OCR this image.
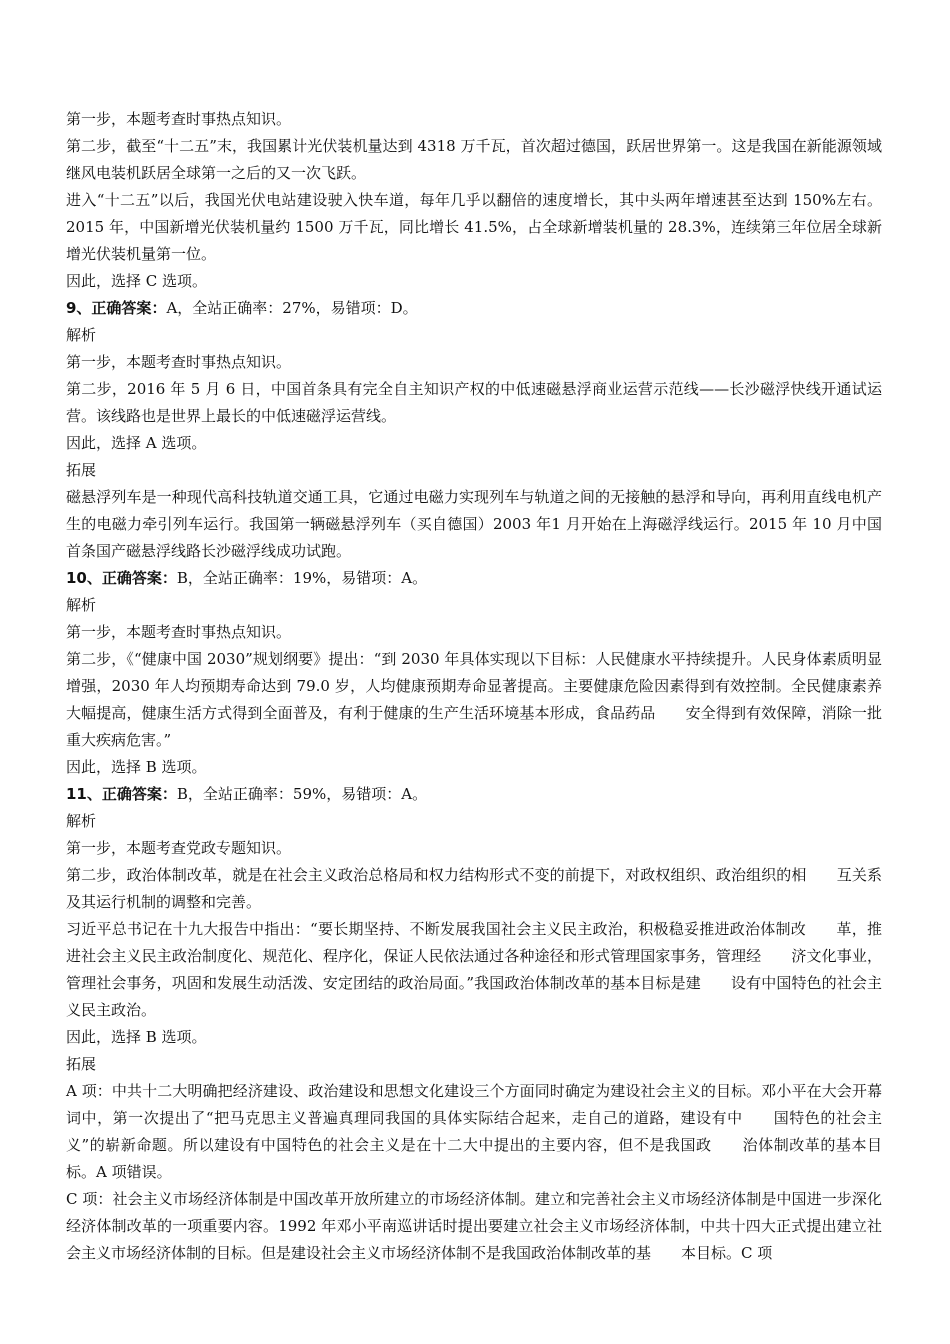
第一步，本题考查时事热点知识。

第二步，截至“十二五”末，我国累计光伏装机量达到 4318 万千瓦，首次超过德国，跃居世界第一。这是我国在新能源领域继风电装机跃居全球第一之后的又一次飞跃。

进入“十二五”以后，我国光伏电站建设驶入快车道，每年几乎以翻倍的速度增长，其中头两年增速甚至达到 150%左右。2015 年，中国新增光伏装机量约 1500 万千瓦，同比增长 41.5%，占全球新增装机量的 28.3%，连续第三年位居全球新增光伏装机量第一位。

因此，选择 C 选项。

9、正确答案：A，全站正确率：27%，易错项：D。

解析

第一步，本题考查时事热点知识。

第二步，2016 年 5 月 6 日，中国首条具有完全自主知识产权的中低速磁悬浮商业运营示范线——长沙磁浮快线开通试运营。该线路也是世界上最长的中低速磁浮运营线。

因此，选择 A 选项。

拓展

磁悬浮列车是一种现代高科技轨道交通工具，它通过电磁力实现列车与轨道之间的无接触的悬浮和导向，再利用直线电机产生的电磁力牵引列车运行。我国第一辆磁悬浮列车（买自德国）2003 年1 月开始在上海磁浮线运行。2015 年 10 月中国首条国产磁悬浮线路长沙磁浮线成功试跑。

10、正确答案：B，全站正确率：19%，易错项：A。

解析

第一步，本题考查时事热点知识。

第二步，《“健康中国 2030”规划纲要》提出：“到 2030 年具体实现以下目标：人民健康水平持续提升。人民身体素质明显增强，2030 年人均预期寿命达到 79.0 岁，人均健康预期寿命显著提高。主要健康危险因素得到有效控制。全民健康素养大幅提高，健康生活方式得到全面普及，有利于健康的生产生活环境基本形成，食品药品　　安全得到有效保障，消除一批重大疾病危害。”

因此，选择 B 选项。

11、正确答案：B，全站正确率：59%，易错项：A。

解析

第一步，本题考查党政专题知识。

第二步，政治体制改革，就是在社会主义政治总格局和权力结构形式不变的前提下，对政权组织、政治组织的相　　互关系及其运行机制的调整和完善。

习近平总书记在十九大报告中指出：“要长期坚持、不断发展我国社会主义民主政治，积极稳妥推进政治体制改　　革，推进社会主义民主政治制度化、规范化、程序化，保证人民依法通过各种途径和形式管理国家事务，管理经　　济文化事业，管理社会事务，巩固和发展生动活泼、安定团结的政治局面。”我国政治体制改革的基本目标是建　　设有中国特色的社会主义民主政治。

因此，选择 B 选项。

拓展

A 项：中共十二大明确把经济建设、政治建设和思想文化建设三个方面同时确定为建设社会主义的目标。邓小平在大会开幕词中，第一次提出了“把马克思主义普遍真理同我国的具体实际结合起来，走自己的道路，建设有中　　国特色的社会主义”的崭新命题。所以建设有中国特色的社会主义是在十二大中提出的主要内容，但不是我国政　　治体制改革的基本目标。A 项错误。

C 项：社会主义市场经济体制是中国改革开放所建立的市场经济体制。建立和完善社会主义市场经济体制是中国进一步深化经济体制改革的一项重要内容。1992 年邓小平南巡讲话时提出要建立社会主义市场经济体制，中共十四大正式提出建立社会主义市场经济体制的目标。但是建设社会主义市场经济体制不是我国政治体制改革的基　　本目标。C 项
